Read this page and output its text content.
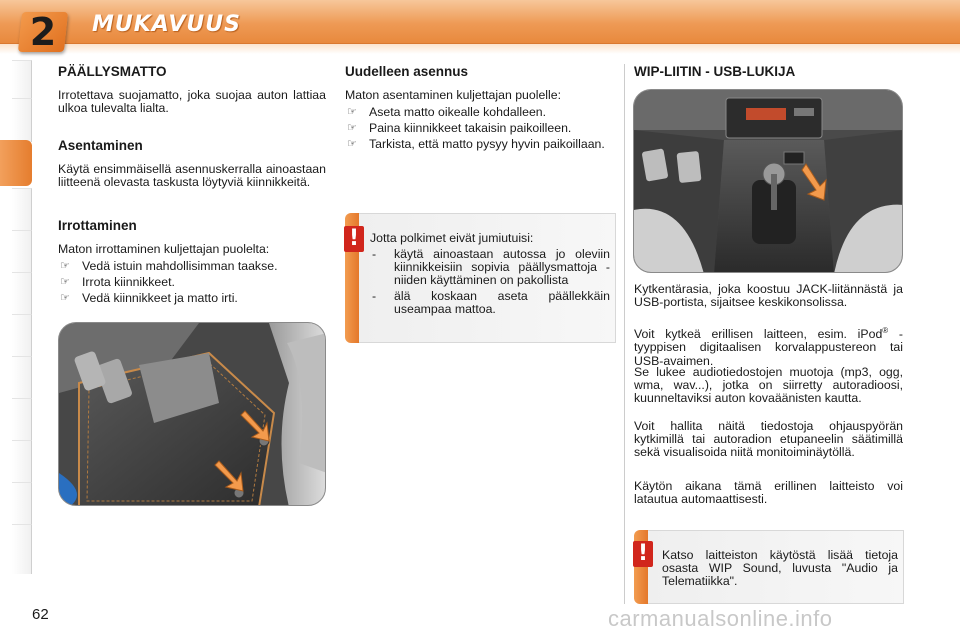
2	MUKAVUUS
PÄÄLLYSMATTO
Irrotettava suojamatto, joka suojaa auton lattiaa ulkoa tulevalta lialta.
Asentaminen
Käytä ensimmäisellä asennuskerralla ainoastaan liitteenä olevasta taskusta löytyviä kiinnikkeitä.
Irrottaminen
Maton irrottaminen kuljettajan puolelta:
☞ Vedä istuin mahdollisimman taakse.
☞ Irrota kiinnikkeet.
☞ Vedä kiinnikkeet ja matto irti.
Uudelleen asennus
Maton asentaminen kuljettajan puolelle:
☞ Aseta matto oikealle kohdalleen.
☞ Paina kiinnikkeet takaisin paikoilleen.
☞ Tarkista, että matto pysyy hyvin paikoillaan.
! Jotta polkimet eivät jumiutuisi:
- käytä ainoastaan autossa jo oleviin kiinnikkeisiin sopivia päällysmattoja - niiden käyttäminen on pakollista
- älä koskaan aseta päällekkäin useampaa mattoa.
WIP-LIITIN - USB-LUKIJA
Kytkentärasia, joka koostuu JACK-liitännästä ja USB-portista, sijaitsee keskikonsolissa.
Voit kytkeä erillisen laitteen, esim. iPod® -tyyppisen digitaalisen korvalappustereon tai USB-avaimen.
Se lukee audiotiedostojen muotoja (mp3, ogg, wma, wav...), jotka on siirretty autoradioosi, kuunneltaviksi auton kovaäänisten kautta.
Voit hallita näitä tiedostoja ohjauspyörän kytkimillä tai autoradion etupaneelin säätimillä sekä visualisoida niitä monitoiminäytöllä.
Käytön aikana tämä erillinen laitteisto voi latautua automaattisesti.
!	Katso laitteiston käytöstä lisää tietoja osasta WIP Sound, luvusta "Audio ja Telematiikka".
62	carmanualsonline.info
